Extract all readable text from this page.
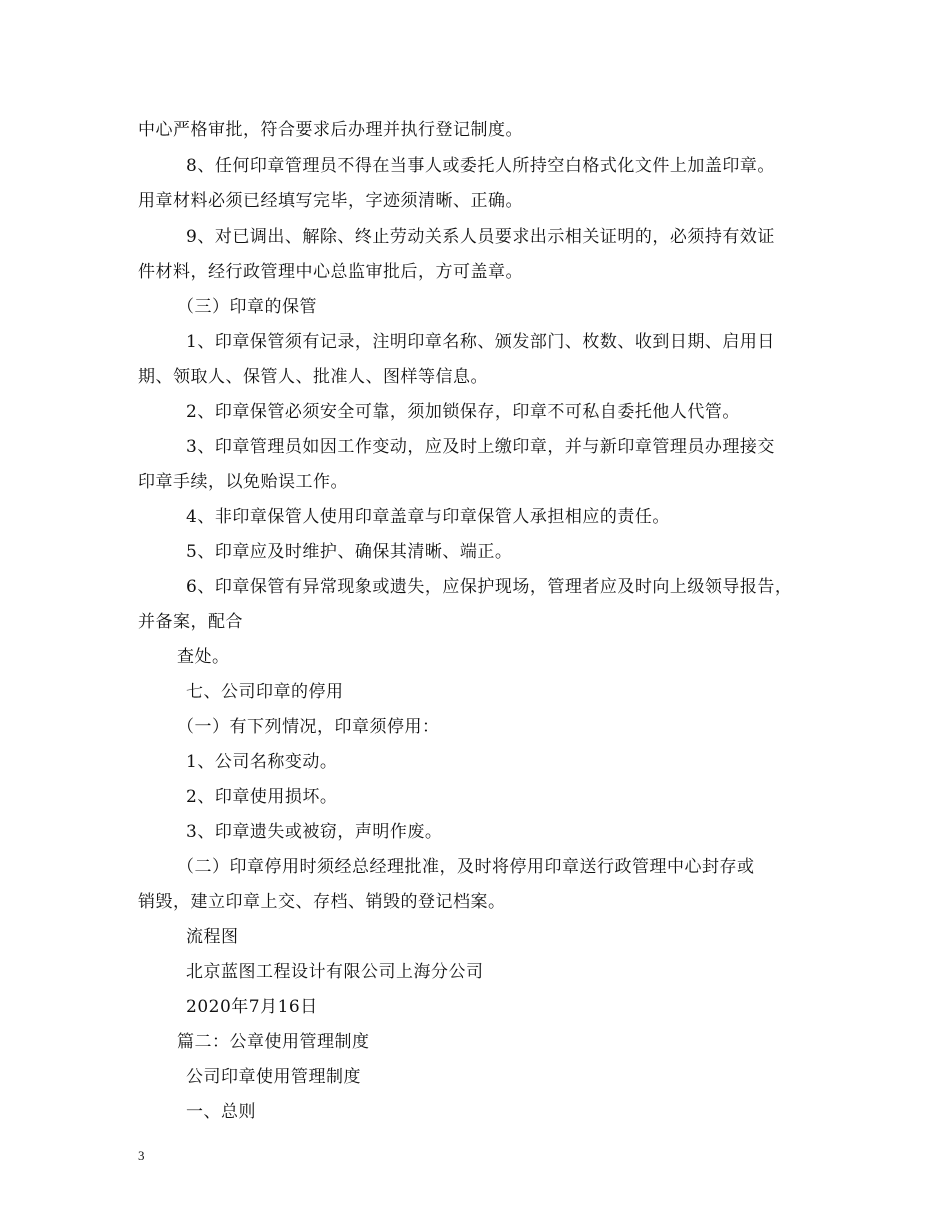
中心严格审批，符合要求后办理并执行登记制度。
8、任何印章管理员不得在当事人或委托人所持空白格式化文件上加盖印章。
用章材料必须已经填写完毕，字迹须清晰、正确。
9、对已调出、解除、终止劳动关系人员要求出示相关证明的，必须持有效证
件材料，经行政管理中心总监审批后，方可盖章。
（三）印章的保管
1、印章保管须有记录，注明印章名称、颁发部门、枚数、收到日期、启用日
期、领取人、保管人、批准人、图样等信息。
2、印章保管必须安全可靠，须加锁保存，印章不可私自委托他人代管。
3、印章管理员如因工作变动，应及时上缴印章，并与新印章管理员办理接交
印章手续，以免贻误工作。
4、非印章保管人使用印章盖章与印章保管人承担相应的责任。
5、印章应及时维护、确保其清晰、端正。
6、印章保管有异常现象或遗失，应保护现场，管理者应及时向上级领导报告，
并备案，配合
查处。
七、公司印章的停用
（一）有下列情况，印章须停用：
1、公司名称变动。
2、印章使用损坏。
3、印章遗失或被窃，声明作废。
（二）印章停用时须经总经理批准，及时将停用印章送行政管理中心封存或
销毁，建立印章上交、存档、销毁的登记档案。
流程图
北京蓝图工程设计有限公司上海分公司
2020年7月16日
篇二：公章使用管理制度
公司印章使用管理制度
一、总则
3
